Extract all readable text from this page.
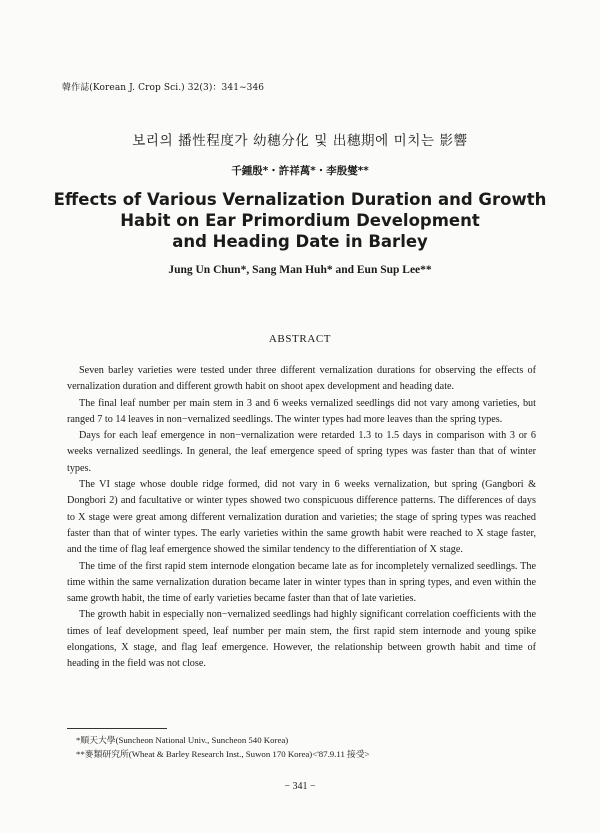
韓作誌(Korean J. Crop Sci.) 32(3)：341∼346
보리의 播性程度가 幼穗分化 및 出穗期에 미치는 影響
千鍾殷*・許祥萬*・李殷燮**
Effects of Various Vernalization Duration and Growth
Habit on Ear Primordium Development
and Heading Date in Barley
Jung Un Chun*, Sang Man Huh* and Eun Sup Lee**
ABSTRACT

Seven barley varieties were tested under three different vernalization durations for observing the effects of vernalization duration and different growth habit on shoot apex development and heading date.

The final leaf number per main stem in 3 and 6 weeks vernalized seedlings did not vary among varieties, but ranged 7 to 14 leaves in non−vernalized seedlings. The winter types had more leaves than the spring types.

Days for each leaf emergence in non−vernalization were retarded 1.3 to 1.5 days in comparison with 3 or 6 weeks vernalized seedlings. In general, the leaf emergence speed of spring types was faster than that of winter types.

The VI stage whose double ridge formed, did not vary in 6 weeks vernalization, but spring (Gangbori & Dongbori 2) and facultative or winter types showed two conspicuous difference patterns. The differences of days to X stage were great among different vernalization duration and varieties; the stage of spring types was reached faster than that of winter types. The early varieties within the same growth habit were reached to X stage faster, and the time of flag leaf emergence showed the similar tendency to the differentiation of X stage.

The time of the first rapid stem internode elongation became late as for incompletely vernalized seedlings. The time within the same vernalization duration became later in winter types than in spring types, and even within the same growth habit, the time of early varieties became faster than that of late varieties.

The growth habit in especially non−vernalized seedlings had highly significant correlation coefficients with the times of leaf development speed, leaf number per main stem, the first rapid stem internode and young spike elongations, X stage, and flag leaf emergence. However, the relationship between growth habit and time of heading in the field was not close.

*順天大學(Suncheon National Univ., Suncheon 540 Korea)
**麥類研究所(Wheat & Barley Research Inst., Suwon 170 Korea)<'87.9.11 接受>
− 341 −
